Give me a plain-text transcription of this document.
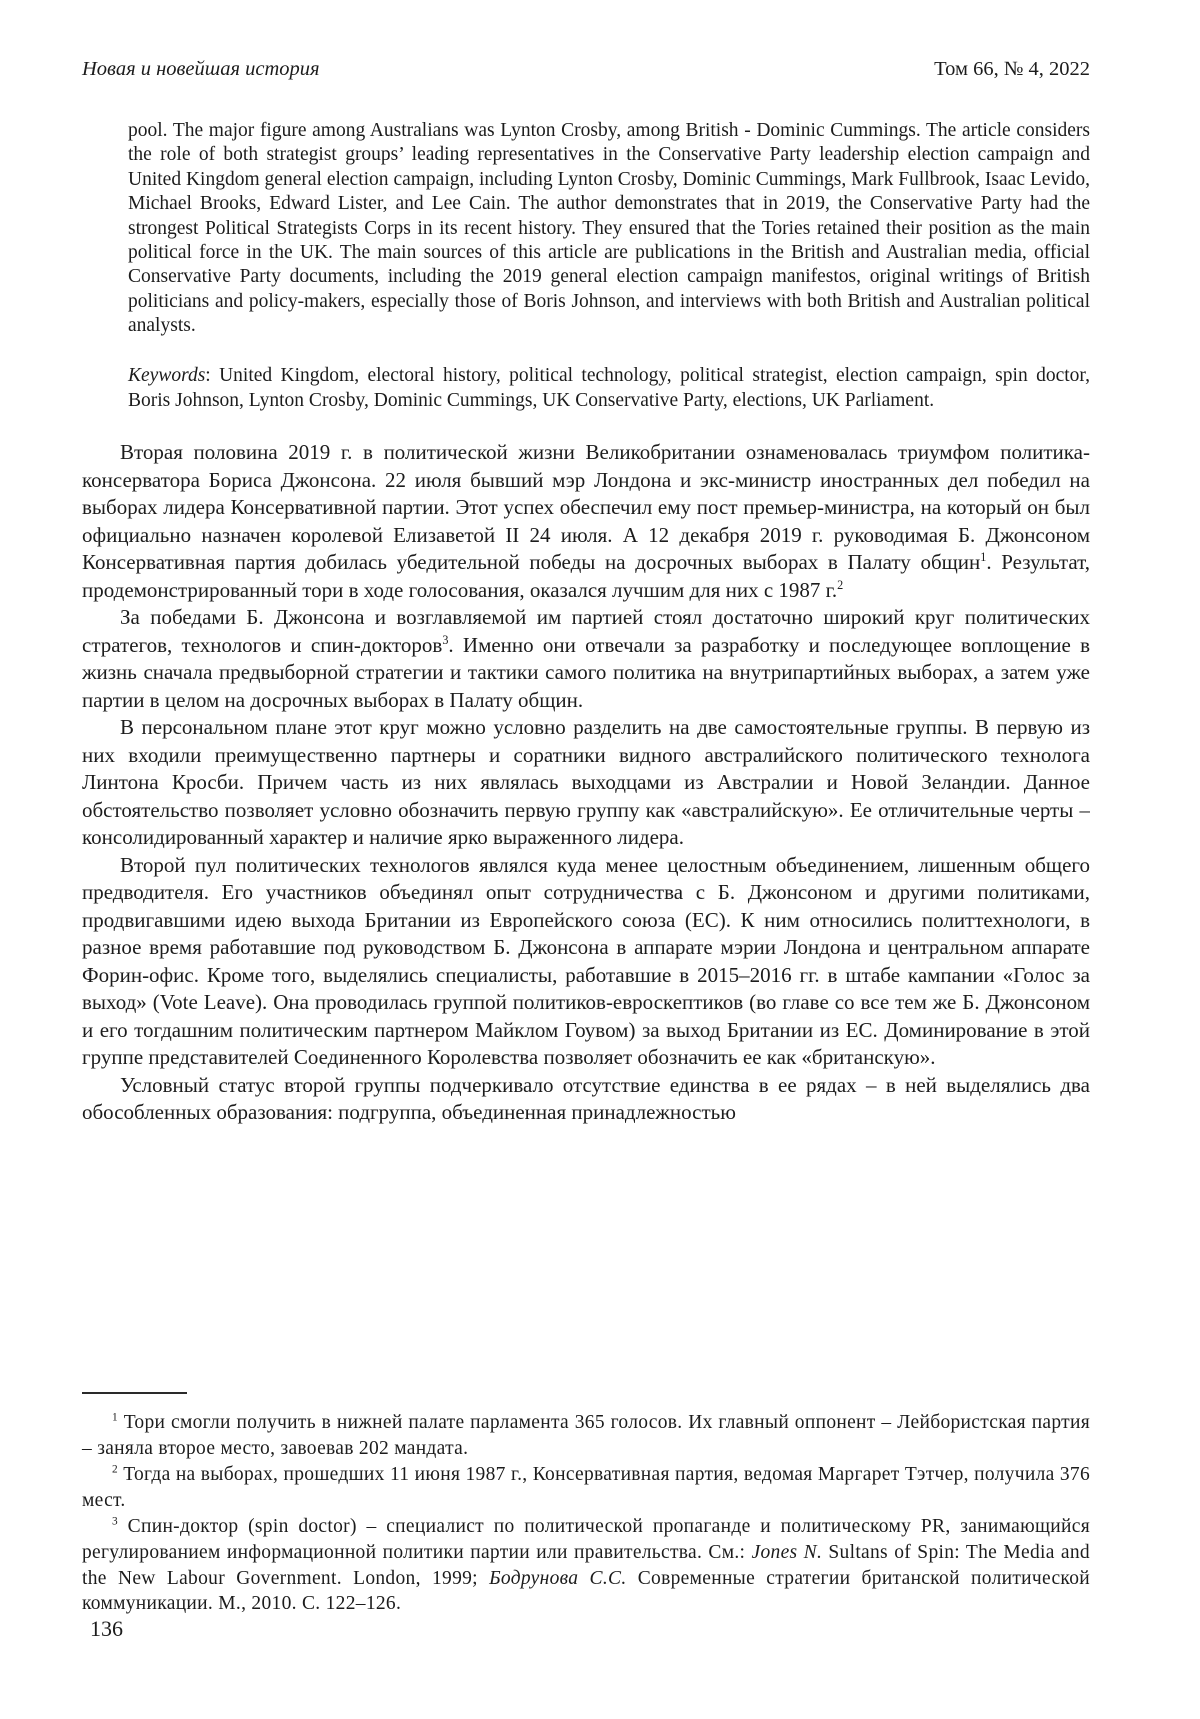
Новая и новейшая история	Том 66, № 4, 2022

pool. The major figure among Australians was Lynton Crosby, among British - Dominic Cummings. The article considers the role of both strategist groups’ leading representatives in the Conservative Party leadership election campaign and United Kingdom general election campaign, including Lynton Crosby, Dominic Cummings, Mark Fullbrook, Isaac Levido, Michael Brooks, Edward Lister, and Lee Cain. The author demonstrates that in 2019, the Conservative Party had the strongest Political Strategists Corps in its recent history. They ensured that the Tories retained their position as the main political force in the UK. The main sources of this article are publications in the British and Australian media, official Conservative Party documents, including the 2019 general election campaign manifestos, original writings of British politicians and policy-makers, especially those of Boris Johnson, and interviews with both British and Australian political analysts.

Keywords: United Kingdom, electoral history, political technology, political strategist, election campaign, spin doctor, Boris Johnson, Lynton Crosby, Dominic Cummings, UK Conservative Party, elections, UK Parliament.

Вторая половина 2019 г. в политической жизни Великобритании ознаменовалась триумфом политика-консерватора Бориса Джонсона. 22 июля бывший мэр Лондона и экс-министр иностранных дел победил на выборах лидера Консервативной партии. Этот успех обеспечил ему пост премьер-министра, на который он был официально назначен королевой Елизаветой II 24 июля. А 12 декабря 2019 г. руководимая Б. Джонсоном Консервативная партия добилась убедительной победы на досрочных выборах в Палату общин$^1$. Результат, продемонстрированный тори в ходе голосования, оказался лучшим для них с 1987 г.$^2$

За победами Б. Джонсона и возглавляемой им партией стоял достаточно широкий круг политических стратегов, технологов и спин-докторов$^3$. Именно они отвечали за разработку и последующее воплощение в жизнь сначала предвыборной стратегии и тактики самого политика на внутрипартийных выборах, а затем уже партии в целом на досрочных выборах в Палату общин.

В персональном плане этот круг можно условно разделить на две самостоятельные группы. В первую из них входили преимущественно партнеры и соратники видного австралийского политического технолога Линтона Кросби. Причем часть из них являлась выходцами из Австралии и Новой Зеландии. Данное обстоятельство позволяет условно обозначить первую группу как «австралийскую». Ее отличительные черты – консолидированный характер и наличие ярко выраженного лидера.

Второй пул политических технологов являлся куда менее целостным объединением, лишенным общего предводителя. Его участников объединял опыт сотрудничества с Б. Джонсоном и другими политиками, продвигавшими идею выхода Британии из Европейского союза (ЕС). К ним относились политтехнологи, в разное время работавшие под руководством Б. Джонсона в аппарате мэрии Лондона и центральном аппарате Форин-офис. Кроме того, выделялись специалисты, работавшие в 2015–2016 гг. в штабе кампании «Голос за выход» (Vote Leave). Она проводилась группой политиков-евроскептиков (во главе со все тем же Б. Джонсоном и его тогдашним политическим партнером Майклом Гоувом) за выход Британии из ЕС. Доминирование в этой группе представителей Соединенного Королевства позволяет обозначить ее как «британскую».

Условный статус второй группы подчеркивало отсутствие единства в ее рядах – в ней выделялись два обособленных образования: подгруппа, объединенная принадлежностью

$^1$ Тори смогли получить в нижней палате парламента 365 голосов. Их главный оппонент – Лейбористская партия – заняла второе место, завоевав 202 мандата.

$^2$ Тогда на выборах, прошедших 11 июня 1987 г., Консервативная партия, ведомая Маргарет Тэтчер, получила 376 мест.

$^3$ Спин-доктор (spin doctor) – специалист по политической пропаганде и политическому PR, занимающийся регулированием информационной политики партии или правительства. См.: Jones N. Sultans of Spin: The Media and the New Labour Government. London, 1999; Бодрунова С.С. Современные стратегии британской политической коммуникации. М., 2010. С. 122–126.

136
